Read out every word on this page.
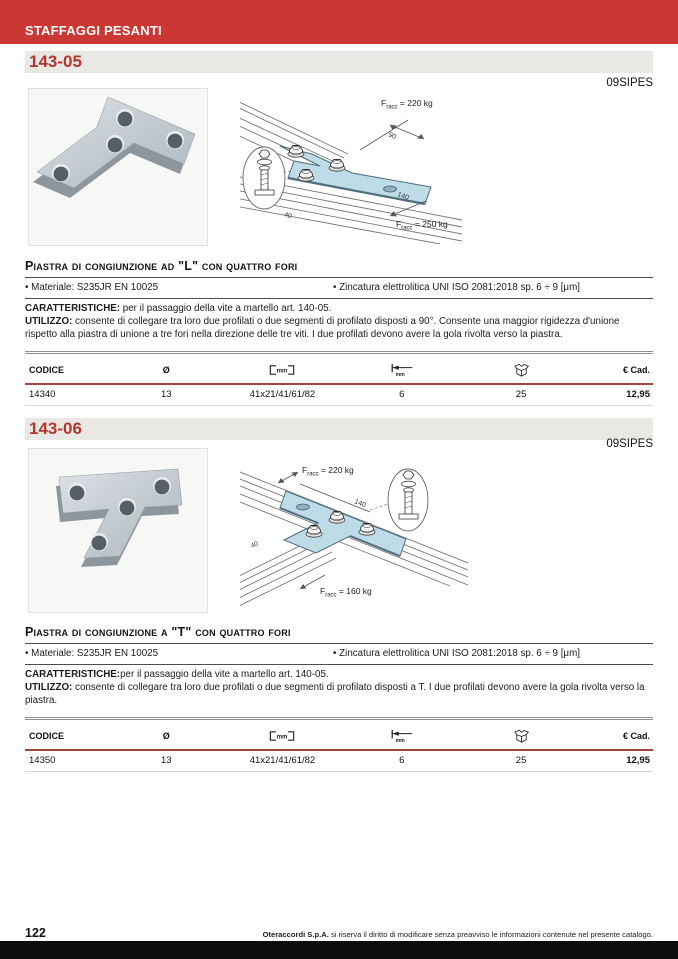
STAFFAGGI PESANTI
143-05
09SIPES
90
140
40
$F_{racc} = 220$ kg
$F_{racc} = 250$ kg
Piastra di congiunzione ad "L" con quattro fori
• Materiale: S235JR EN 10025	• Zincatura elettrolitica UNI ISO 2081:2018 sp. 6 ÷ 9 [μm]
CARATTERISTICHE: per il passaggio della vite a martello art. 140-05.
UTILIZZO: consente di collegare tra loro due profilati o due segmenti di profilato disposti a 90°. Consente una maggior rigidezza d'unione rispetto alla piastra di unione a tre fori nella direzione delle tre viti. I due profilati devono avere la gola rivolta verso la piastra.
CODICE	Ø	mm	mm		€ Cad.
14340	13	41x21/41/61/82	6	25	12,95
143-06
09SIPES
140
40
$F_{racc} = 220$ kg
$F_{racc} = 160$ kg
Piastra di congiunzione a "T" con quattro fori
• Materiale: S235JR EN 10025	• Zincatura elettrolitica UNI ISO 2081:2018 sp. 6 ÷ 9 [μm]
CARATTERISTICHE:per il passaggio della vite a martello art. 140-05.
UTILIZZO: consente di collegare tra loro due profilati o due segmenti di profilato disposti a T. I due profilati devono avere la gola rivolta verso la piastra.
CODICE	Ø	mm	mm		€ Cad.
14350	13	41x21/41/61/82	6	25	12,95
122	Oteraccordi S.p.A. si riserva il diritto di modificare senza preavviso le informazioni contenute nel presente catalogo.
